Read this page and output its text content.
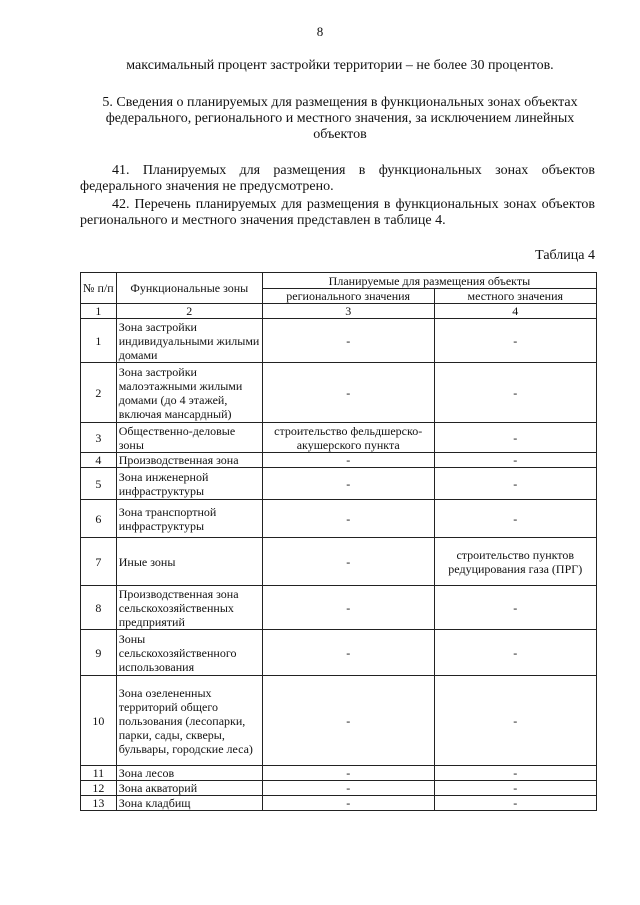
8
максимальный процент застройки территории – не более 30 процентов.
5. Сведения о планируемых для размещения в функциональных зонах объектах федерального, регионального и местного значения, за исключением линейных объектов
41. Планируемых для размещения в функциональных зонах объектов федерального значения не предусмотрено.
42. Перечень планируемых для размещения в функциональных зонах объектов регионального и местного значения представлен в таблице 4.
Таблица 4
№ п/п	Функциональные зоны	Планируемые для размещения объекты	
		регионального значения	местного значения
1	2	3	4
1	Зона застройки индивидуальными жилыми домами	-	-
2	Зона застройки малоэтажными жилыми домами (до 4 этажей, включая мансардный)	-	-
3	Общественно-деловые зоны	строительство фельдшерско-акушерского пункта	-
4	Производственная зона	-	-
5	Зона инженерной инфраструктуры	-	-
6	Зона транспортной инфраструктуры	-	-
7	Иные зоны	-	строительство пунктов редуцирования газа (ПРГ)
8	Производственная зона сельскохозяйственных предприятий	-	-
9	Зоны сельскохозяйственного использования	-	-
10	Зона озелененных территорий общего пользования (лесопарки, парки, сады, скверы, бульвары, городские леса)	-	-
11	Зона лесов	-	-
12	Зона акваторий	-	-
13	Зона кладбищ	-	-
